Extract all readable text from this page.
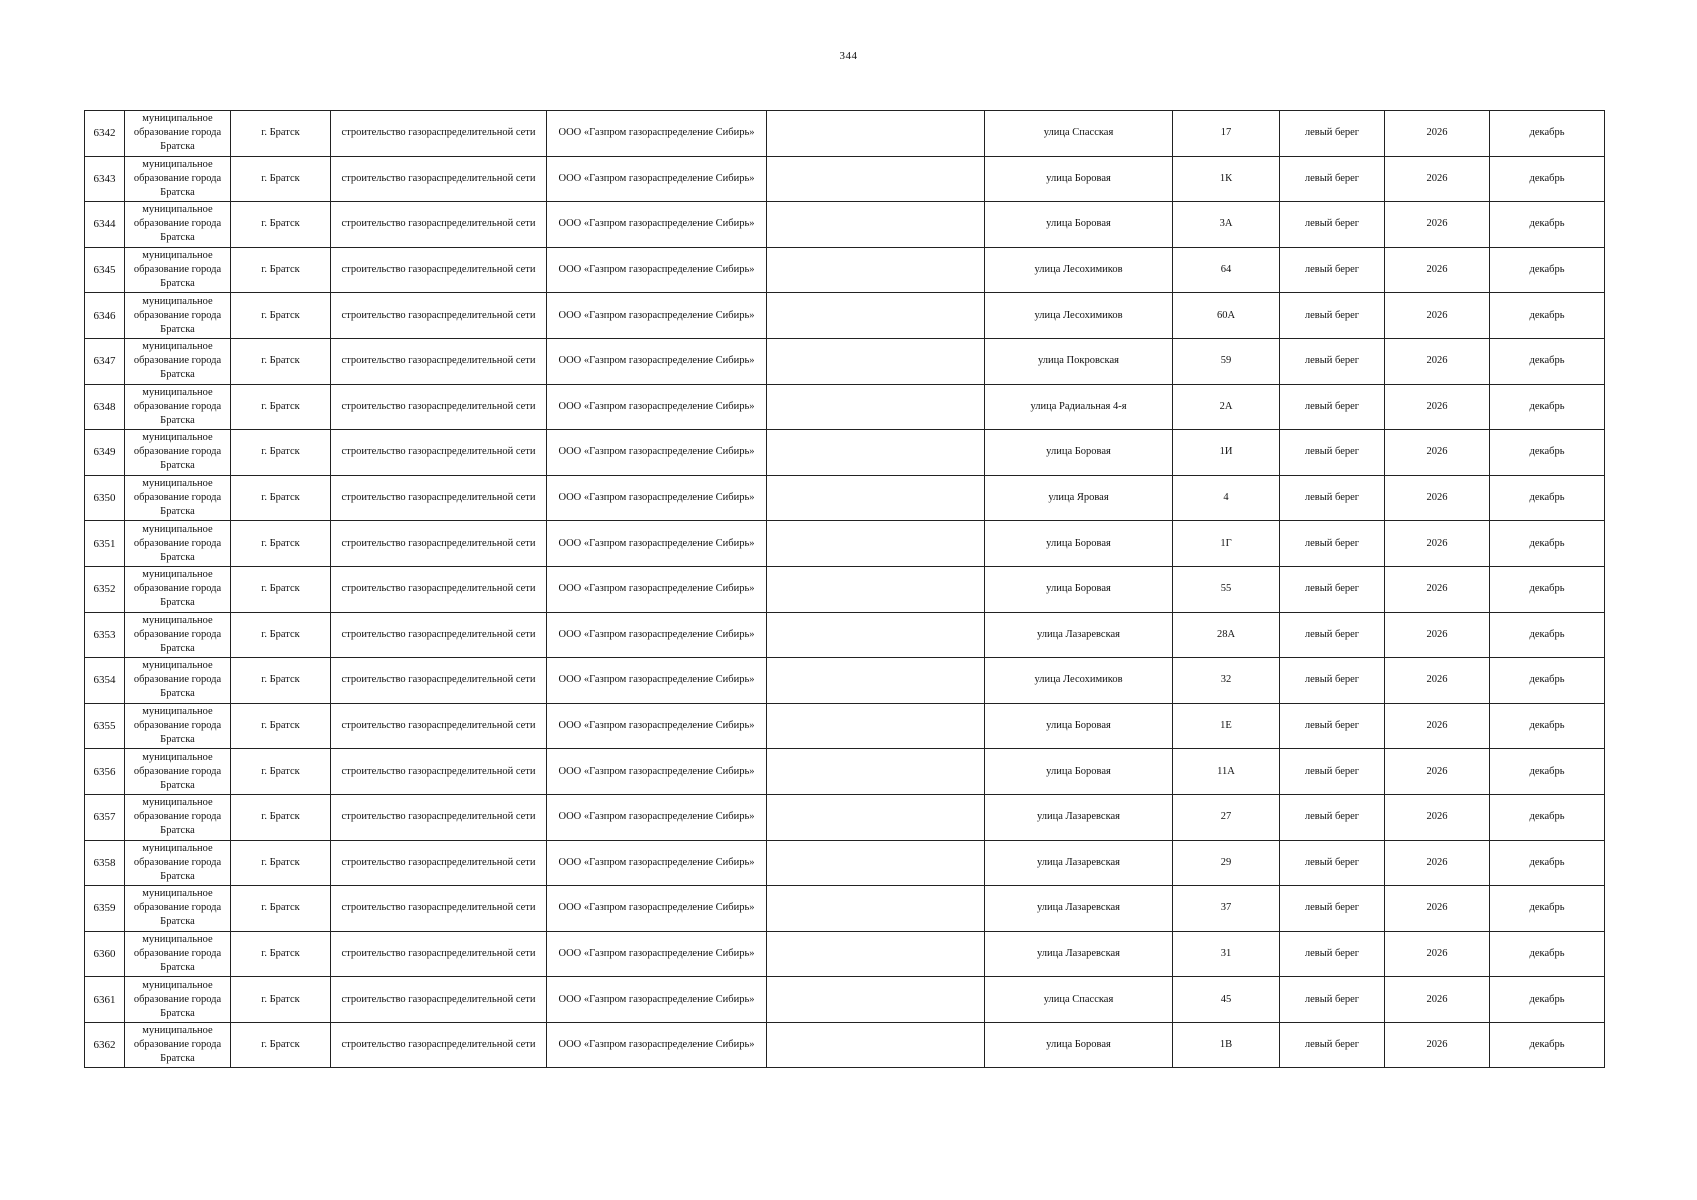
344
6342	муниципальное образование города Братска	г. Братск	строительство газораспределительной сети	ООО «Газпром газораспределение Сибирь»		улица Спасская	17	левый берег	2026	декабрь
6343	муниципальное образование города Братска	г. Братск	строительство газораспределительной сети	ООО «Газпром газораспределение Сибирь»		улица Боровая	1К	левый берег	2026	декабрь
6344	муниципальное образование города Братска	г. Братск	строительство газораспределительной сети	ООО «Газпром газораспределение Сибирь»		улица Боровая	3А	левый берег	2026	декабрь
6345	муниципальное образование города Братска	г. Братск	строительство газораспределительной сети	ООО «Газпром газораспределение Сибирь»		улица Лесохимиков	64	левый берег	2026	декабрь
6346	муниципальное образование города Братска	г. Братск	строительство газораспределительной сети	ООО «Газпром газораспределение Сибирь»		улица Лесохимиков	60А	левый берег	2026	декабрь
6347	муниципальное образование города Братска	г. Братск	строительство газораспределительной сети	ООО «Газпром газораспределение Сибирь»		улица Покровская	59	левый берег	2026	декабрь
6348	муниципальное образование города Братска	г. Братск	строительство газораспределительной сети	ООО «Газпром газораспределение Сибирь»		улица Радиальная 4-я	2А	левый берег	2026	декабрь
6349	муниципальное образование города Братска	г. Братск	строительство газораспределительной сети	ООО «Газпром газораспределение Сибирь»		улица Боровая	1И	левый берег	2026	декабрь
6350	муниципальное образование города Братска	г. Братск	строительство газораспределительной сети	ООО «Газпром газораспределение Сибирь»		улица Яровая	4	левый берег	2026	декабрь
6351	муниципальное образование города Братска	г. Братск	строительство газораспределительной сети	ООО «Газпром газораспределение Сибирь»		улица Боровая	1Г	левый берег	2026	декабрь
6352	муниципальное образование города Братска	г. Братск	строительство газораспределительной сети	ООО «Газпром газораспределение Сибирь»		улица Боровая	55	левый берег	2026	декабрь
6353	муниципальное образование города Братска	г. Братск	строительство газораспределительной сети	ООО «Газпром газораспределение Сибирь»		улица Лазаревская	28А	левый берег	2026	декабрь
6354	муниципальное образование города Братска	г. Братск	строительство газораспределительной сети	ООО «Газпром газораспределение Сибирь»		улица Лесохимиков	32	левый берег	2026	декабрь
6355	муниципальное образование города Братска	г. Братск	строительство газораспределительной сети	ООО «Газпром газораспределение Сибирь»		улица Боровая	1Е	левый берег	2026	декабрь
6356	муниципальное образование города Братска	г. Братск	строительство газораспределительной сети	ООО «Газпром газораспределение Сибирь»		улица Боровая	11А	левый берег	2026	декабрь
6357	муниципальное образование города Братска	г. Братск	строительство газораспределительной сети	ООО «Газпром газораспределение Сибирь»		улица Лазаревская	27	левый берег	2026	декабрь
6358	муниципальное образование города Братска	г. Братск	строительство газораспределительной сети	ООО «Газпром газораспределение Сибирь»		улица Лазаревская	29	левый берег	2026	декабрь
6359	муниципальное образование города Братска	г. Братск	строительство газораспределительной сети	ООО «Газпром газораспределение Сибирь»		улица Лазаревская	37	левый берег	2026	декабрь
6360	муниципальное образование города Братска	г. Братск	строительство газораспределительной сети	ООО «Газпром газораспределение Сибирь»		улица Лазаревская	31	левый берег	2026	декабрь
6361	муниципальное образование города Братска	г. Братск	строительство газораспределительной сети	ООО «Газпром газораспределение Сибирь»		улица Спасская	45	левый берег	2026	декабрь
6362	муниципальное образование города Братска	г. Братск	строительство газораспределительной сети	ООО «Газпром газораспределение Сибирь»		улица Боровая	1В	левый берег	2026	декабрь
